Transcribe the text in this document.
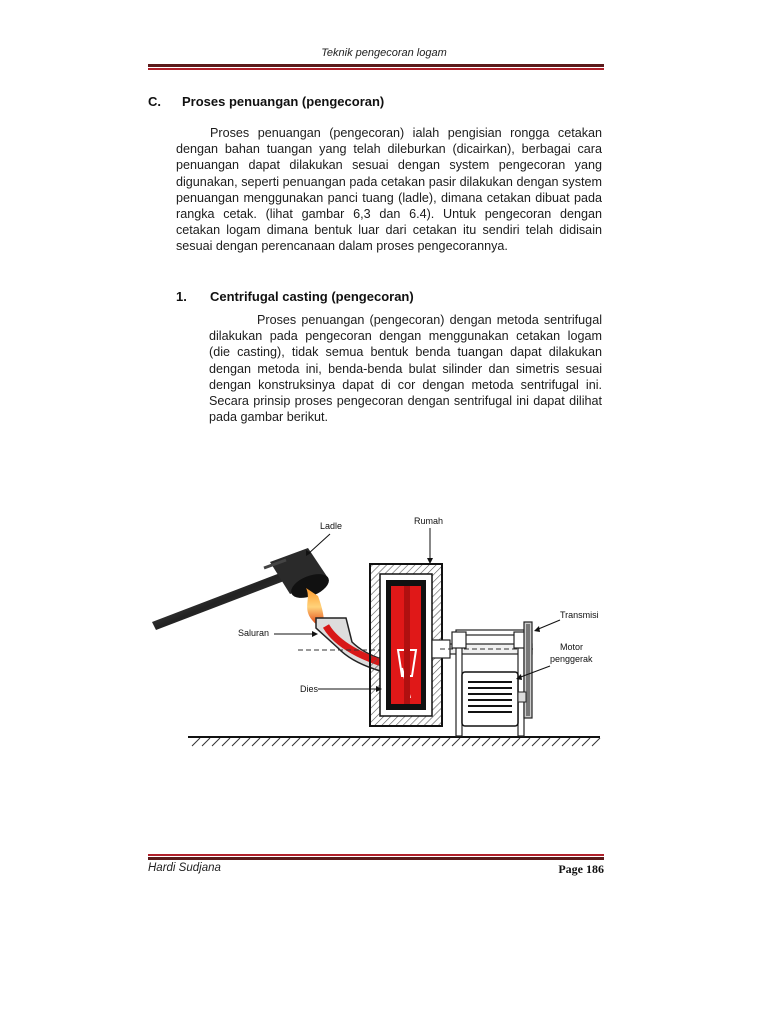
Teknik pengecoran logam
C. Proses penuangan (pengecoran)
Proses penuangan (pengecoran) ialah pengisian rongga cetakan dengan bahan tuangan yang telah dileburkan (dicairkan), berbagai cara penuangan dapat dilakukan sesuai dengan system pengecoran yang digunakan, seperti penuangan pada cetakan pasir dilakukan dengan system penuangan menggunakan panci tuang (ladle), dimana cetakan dibuat pada rangka cetak. (lihat gambar 6,3 dan 6.4). Untuk pengecoran dengan cetakan logam dimana bentuk luar dari cetakan itu sendiri telah didisain sesuai dengan perencanaan dalam proses pengecorannya.
1. Centrifugal casting (pengecoran)
Proses penuangan (pengecoran) dengan metoda sentrifugal dilakukan pada pengecoran dengan menggunakan cetakan logam (die casting), tidak semua bentuk benda tuangan dapat dilakukan dengan metoda ini, benda-benda bulat silinder dan simetris sesuai dengan konstruksinya dapat di cor dengan metoda sentrifugal ini. Secara prinsip proses pengecoran dengan sentrifugal ini dapat dilihat pada gambar berikut.
Ladle	Rumah
Transmisi
Motor
penggerak
Saluran
Dies
Hardi Sudjana	Page 186
